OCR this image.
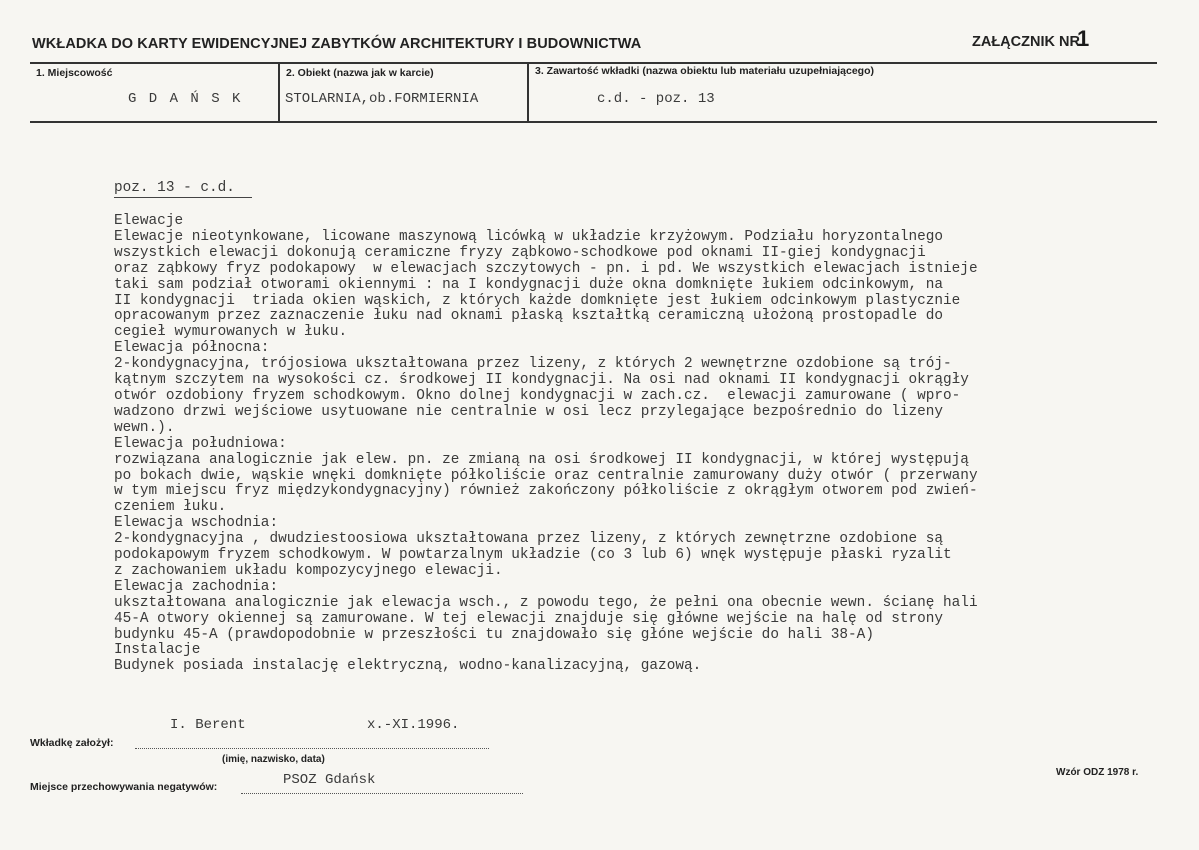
WKŁADKA DO KARTY EWIDENCYJNEJ ZABYTKÓW ARCHITEKTURY I BUDOWNICTWA	ZAŁĄCZNIK NR
1
1. Miejscowość
G D A Ń S K
2. Obiekt (nazwa jak w karcie)
STOLARNIA,ob.FORMIERNIA
3. Zawartość wkładki (nazwa obiektu lub materiału uzupełniającego)
c.d. - poz. 13
poz. 13 - c.d.
Elewacje
Elewacje nieotynkowane, licowane maszynową licówką w układzie krzyżowym. Podziału horyzontalnego
wszystkich elewacji dokonują ceramiczne fryzy ząbkowo-schodkowe pod oknami II-giej kondygnacji
oraz ząbkowy fryz podokapowy  w elewacjach szczytowych - pn. i pd. We wszystkich elewacjach istnieje
taki sam podział otworami okiennymi : na I kondygnacji duże okna domknięte łukiem odcinkowym, na
II kondygnacji  triada okien wąskich, z których każde domknięte jest łukiem odcinkowym plastycznie
opracowanym przez zaznaczenie łuku nad oknami płaską kształtką ceramiczną ułożoną prostopadle do
cegieł wymurowanych w łuku.
Elewacja północna:
2-kondygnacyjna, trójosiowa ukształtowana przez lizeny, z których 2 wewnętrzne ozdobione są trój-
kątnym szczytem na wysokości cz. środkowej II kondygnacji. Na osi nad oknami II kondygnacji okrągły
otwór ozdobiony fryzem schodkowym. Okno dolnej kondygnacji w zach.cz.  elewacji zamurowane ( wpro-
wadzono drzwi wejściowe usytuowane nie centralnie w osi lecz przylegające bezpośrednio do lizeny
wewn.).
Elewacja południowa:
rozwiązana analogicznie jak elew. pn. ze zmianą na osi środkowej II kondygnacji, w której występują
po bokach dwie, wąskie wnęki domknięte półkoliście oraz centralnie zamurowany duży otwór ( przerwany
w tym miejscu fryz międzykondygnacyjny) również zakończony półkoliście z okrągłym otworem pod zwień-
czeniem łuku.
Elewacja wschodnia:
2-kondygnacyjna , dwudziestoosiowa ukształtowana przez lizeny, z których zewnętrzne ozdobione są
podokapowym fryzem schodkowym. W powtarzalnym układzie (co 3 lub 6) wnęk występuje płaski ryzalit
z zachowaniem układu kompozycyjnego elewacji.
Elewacja zachodnia:
ukształtowana analogicznie jak elewacja wsch., z powodu tego, że pełni ona obecnie wewn. ścianę hali
45-A otwory okiennej są zamurowane. W tej elewacji znajduje się główne wejście na halę od strony
budynku 45-A (prawdopodobnie w przeszłości tu znajdowało się głóne wejście do hali 38-A)
Instalacje
Budynek posiada instalację elektryczną, wodno-kanalizacyjną, gazową.
I. Berent	x.-XI.1996.
Wkładkę założył:
(imię, nazwisko, data)
PSOZ Gdańsk
Miejsce przechowywania negatywów:
Wzór ODZ 1978 r.
